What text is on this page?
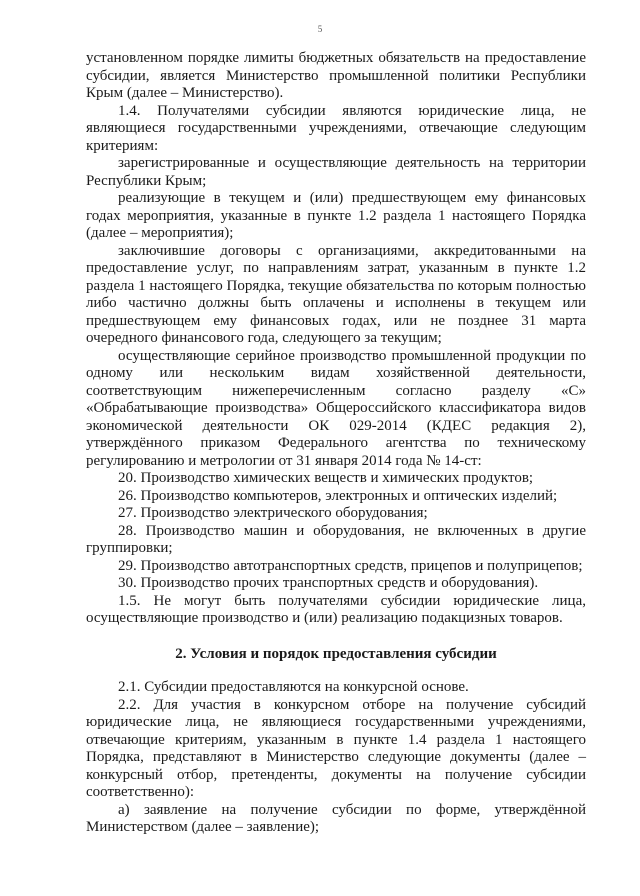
5

установленном порядке лимиты бюджетных обязательств на предоставление субсидии, является Министерство промышленной политики Республики Крым (далее – Министерство).

1.4. Получателями субсидии являются юридические лица, не являющиеся государственными учреждениями, отвечающие следующим критериям:

зарегистрированные и осуществляющие деятельность на территории Республики Крым;

реализующие в текущем и (или) предшествующем ему финансовых годах мероприятия, указанные в пункте 1.2 раздела 1 настоящего Порядка (далее – мероприятия);

заключившие договоры с организациями, аккредитованными на предоставление услуг, по направлениям затрат, указанным в пункте 1.2 раздела 1 настоящего Порядка, текущие обязательства по которым полностью либо частично должны быть оплачены и исполнены в текущем или предшествующем ему финансовых годах, или не позднее 31 марта очередного финансового года, следующего за текущим;

осуществляющие серийное производство промышленной продукции по одному или нескольким видам хозяйственной деятельности, соответствующим нижеперечисленным согласно разделу «С» «Обрабатывающие производства» Общероссийского классификатора видов экономической деятельности ОК 029-2014 (КДЕС редакция 2), утверждённого приказом Федерального агентства по техническому регулированию и метрологии от 31 января 2014 года № 14-ст:

20. Производство химических веществ и химических продуктов;

26. Производство компьютеров, электронных и оптических изделий;

27. Производство электрического оборудования;

28. Производство машин и оборудования, не включенных в другие группировки;

29. Производство автотранспортных средств, прицепов и полуприцепов;

30. Производство прочих транспортных средств и оборудования).

1.5. Не могут быть получателями субсидии юридические лица, осуществляющие производство и (или) реализацию подакцизных товаров.

2. Условия и порядок предоставления субсидии

2.1. Субсидии предоставляются на конкурсной основе.

2.2. Для участия в конкурсном отборе на получение субсидий юридические лица, не являющиеся государственными учреждениями, отвечающие критериям, указанным в пункте 1.4 раздела 1 настоящего Порядка, представляют в Министерство следующие документы (далее – конкурсный отбор, претенденты, документы на получение субсидии соответственно):

а) заявление на получение субсидии по форме, утверждённой Министерством (далее – заявление);
